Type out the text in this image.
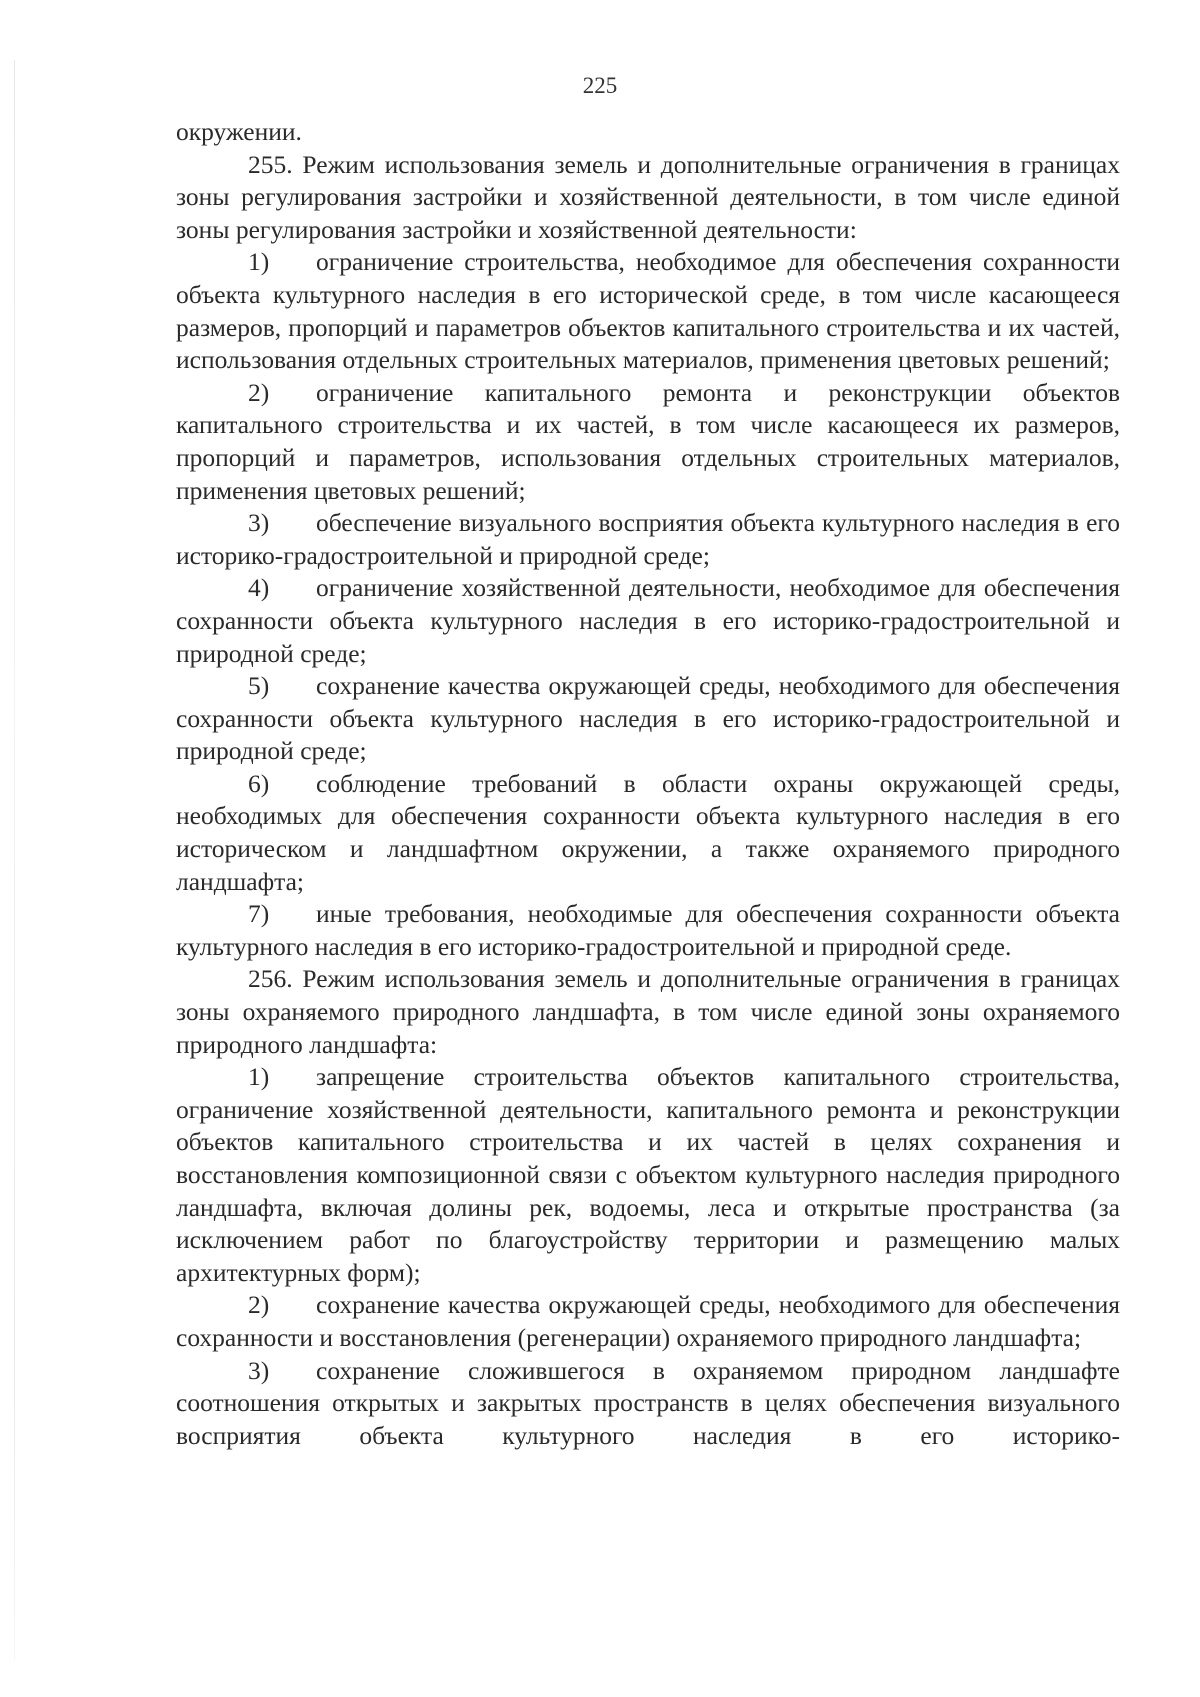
225

окружении.

255. Режим использования земель и дополнительные ограничения в границах зоны регулирования застройки и хозяйственной деятельности, в том числе единой зоны регулирования застройки и хозяйственной деятельности:

1) ограничение строительства, необходимое для обеспечения сохранности объекта культурного наследия в его исторической среде, в том числе касающееся размеров, пропорций и параметров объектов капитального строительства и их частей, использования отдельных строительных материалов, применения цветовых решений;

2) ограничение капитального ремонта и реконструкции объектов капитального строительства и их частей, в том числе касающееся их размеров, пропорций и параметров, использования отдельных строительных материалов, применения цветовых решений;

3) обеспечение визуального восприятия объекта культурного наследия в его историко-градостроительной и природной среде;

4) ограничение хозяйственной деятельности, необходимое для обеспечения сохранности объекта культурного наследия в его историко-градостроительной и природной среде;

5) сохранение качества окружающей среды, необходимого для обеспечения сохранности объекта культурного наследия в его историко-градостроительной и природной среде;

6) соблюдение требований в области охраны окружающей среды, необходимых для обеспечения сохранности объекта культурного наследия в его историческом и ландшафтном окружении, а также охраняемого природного ландшафта;

7) иные требования, необходимые для обеспечения сохранности объекта культурного наследия в его историко-градостроительной и природной среде.

256. Режим использования земель и дополнительные ограничения в границах зоны охраняемого природного ландшафта, в том числе единой зоны охраняемого природного ландшафта:

1) запрещение строительства объектов капитального строительства, ограничение хозяйственной деятельности, капитального ремонта и реконструкции объектов капитального строительства и их частей в целях сохранения и восстановления композиционной связи с объектом культурного наследия природного ландшафта, включая долины рек, водоемы, леса и открытые пространства (за исключением работ по благоустройству территории и размещению малых архитектурных форм);

2) сохранение качества окружающей среды, необходимого для обеспечения сохранности и восстановления (регенерации) охраняемого природного ландшафта;

3) сохранение сложившегося в охраняемом природном ландшафте соотношения открытых и закрытых пространств в целях обеспечения визуального восприятия объекта культурного наследия в его историко-
